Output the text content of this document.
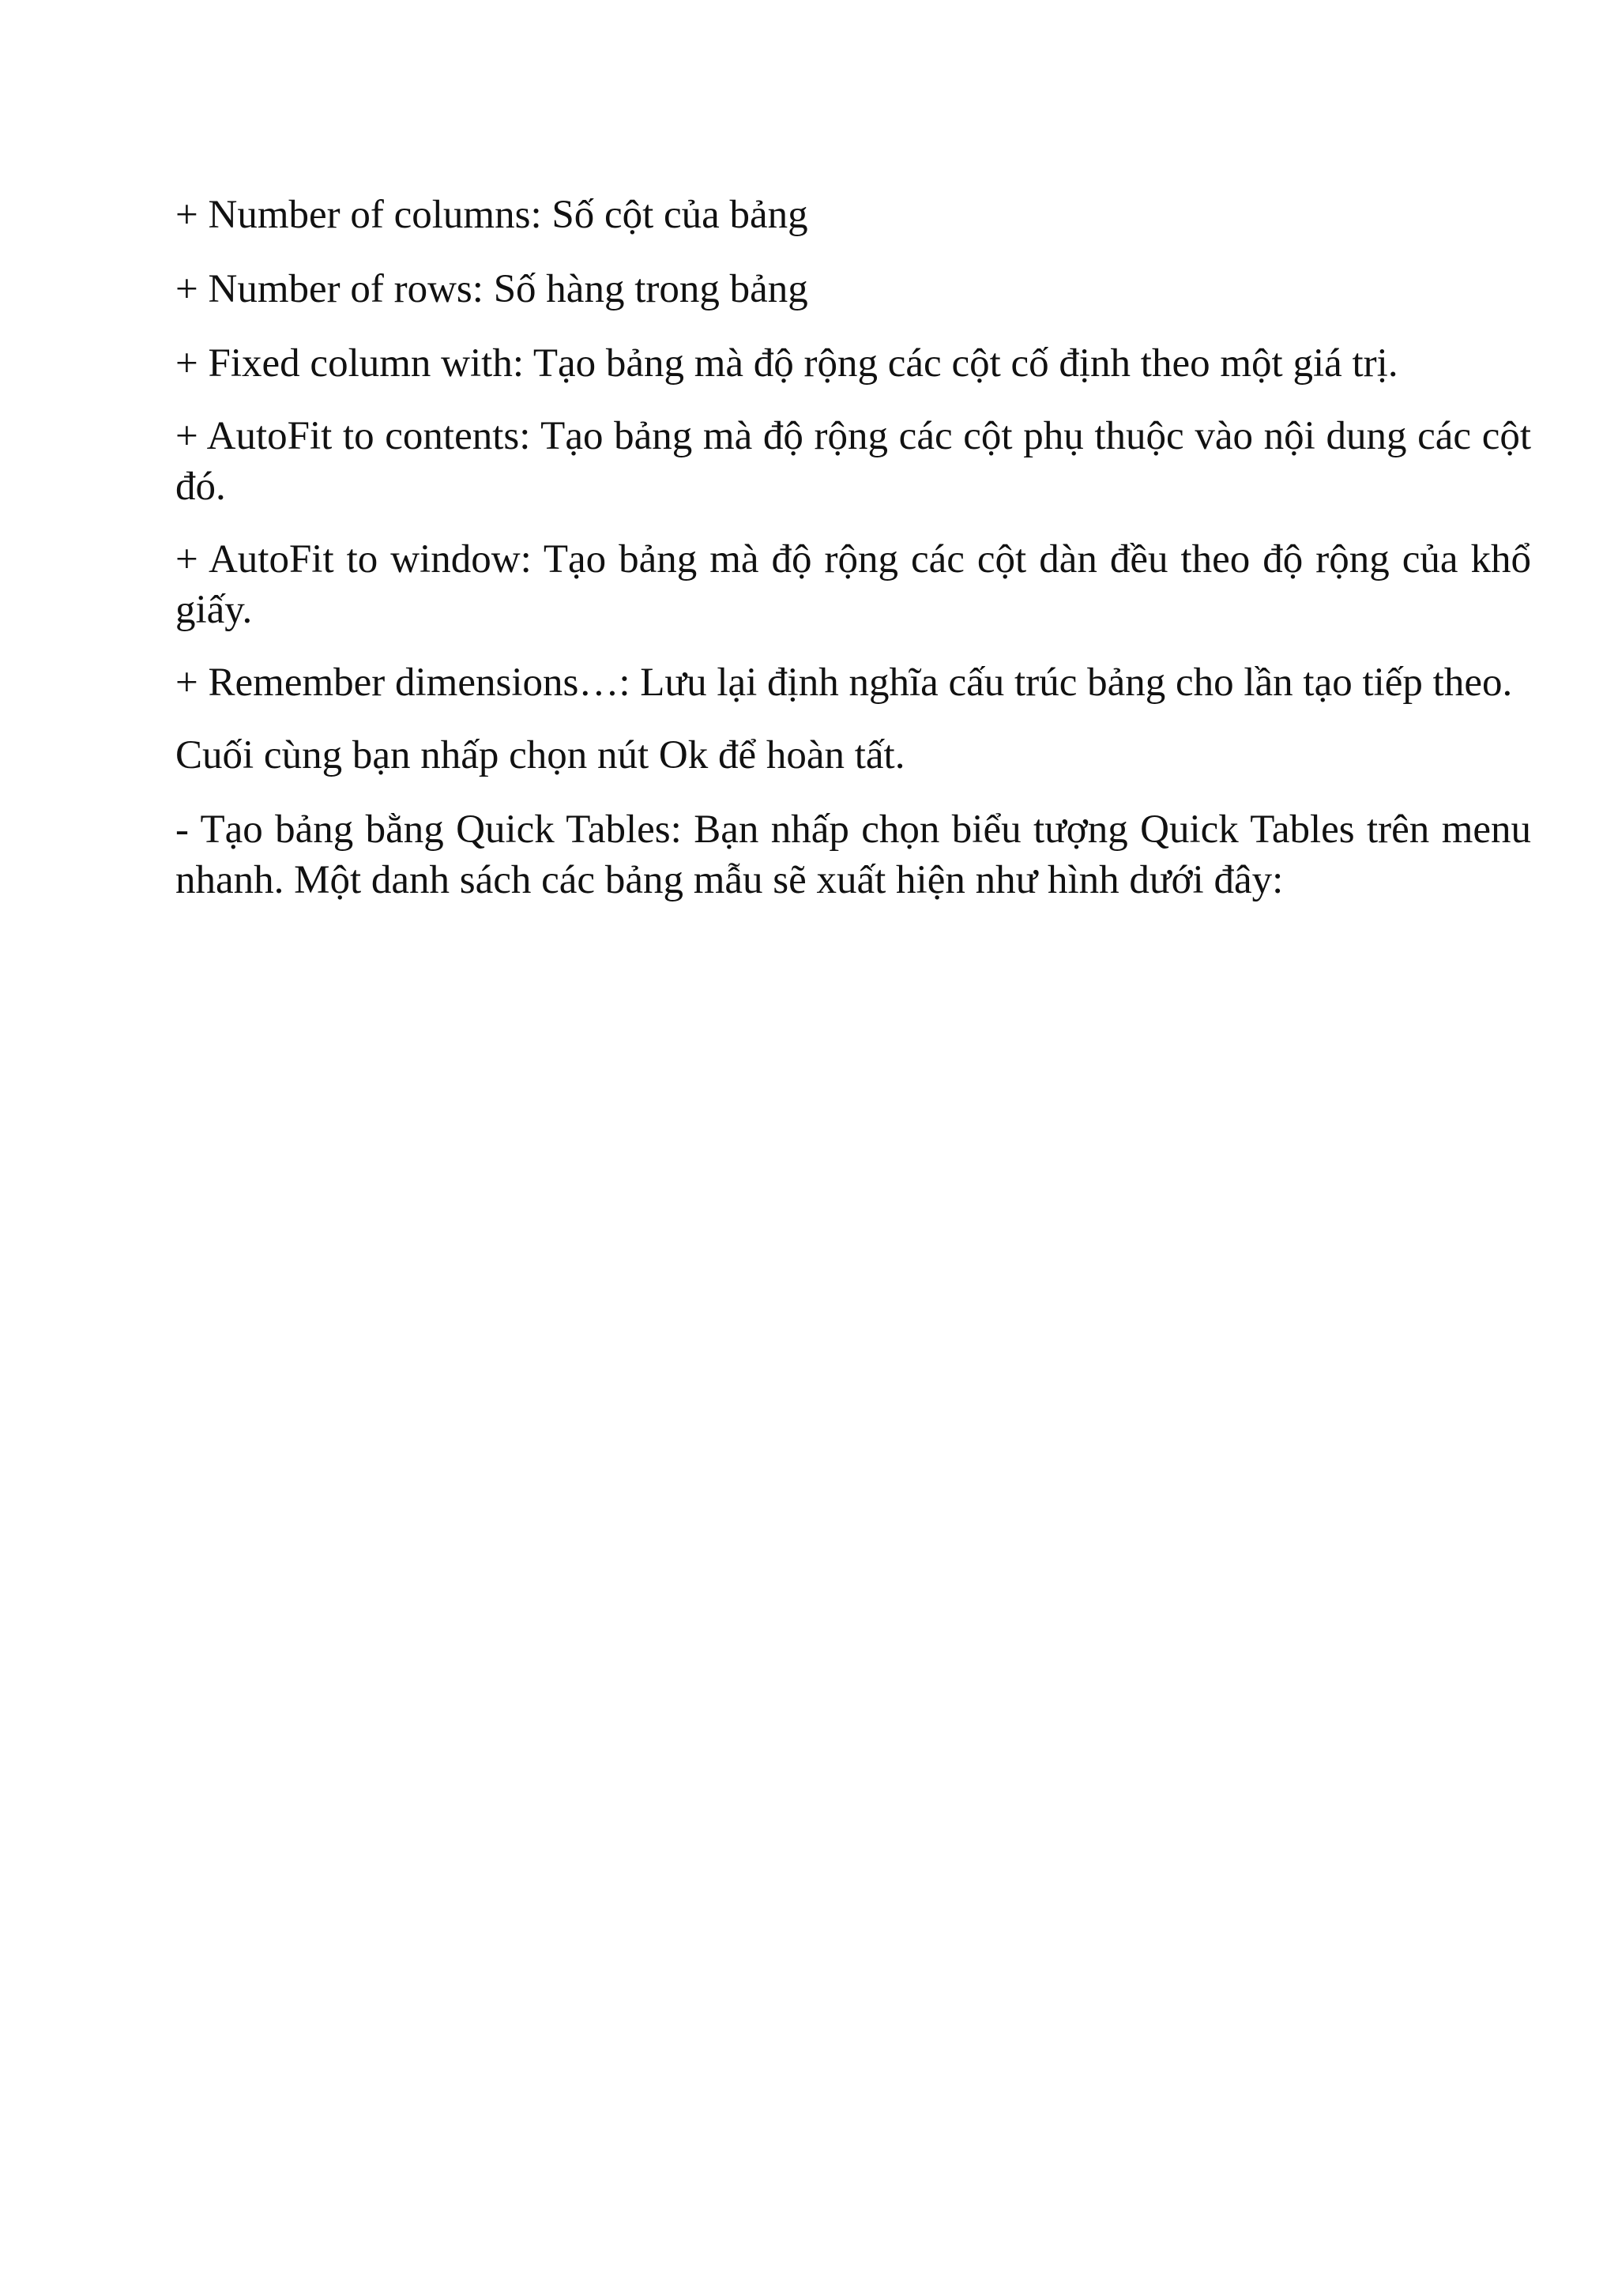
+ Number of columns: Số cột của bảng

+ Number of rows: Số hàng trong bảng

+ Fixed column with: Tạo bảng mà độ rộng các cột cố định theo một giá trị.

+ AutoFit to contents: Tạo bảng mà độ rộng các cột phụ thuộc vào nội dung các cột đó.

+ AutoFit to window: Tạo bảng mà độ rộng các cột dàn đều theo độ rộng của khổ giấy.

+ Remember dimensions…: Lưu lại định nghĩa cấu trúc bảng cho lần tạo tiếp theo.

Cuối cùng bạn nhấp chọn nút Ok để hoàn tất.

- Tạo bảng bằng Quick Tables: Bạn nhấp chọn biểu tượng Quick Tables trên menu nhanh. Một danh sách các bảng mẫu sẽ xuất hiện như hình dưới đây:
